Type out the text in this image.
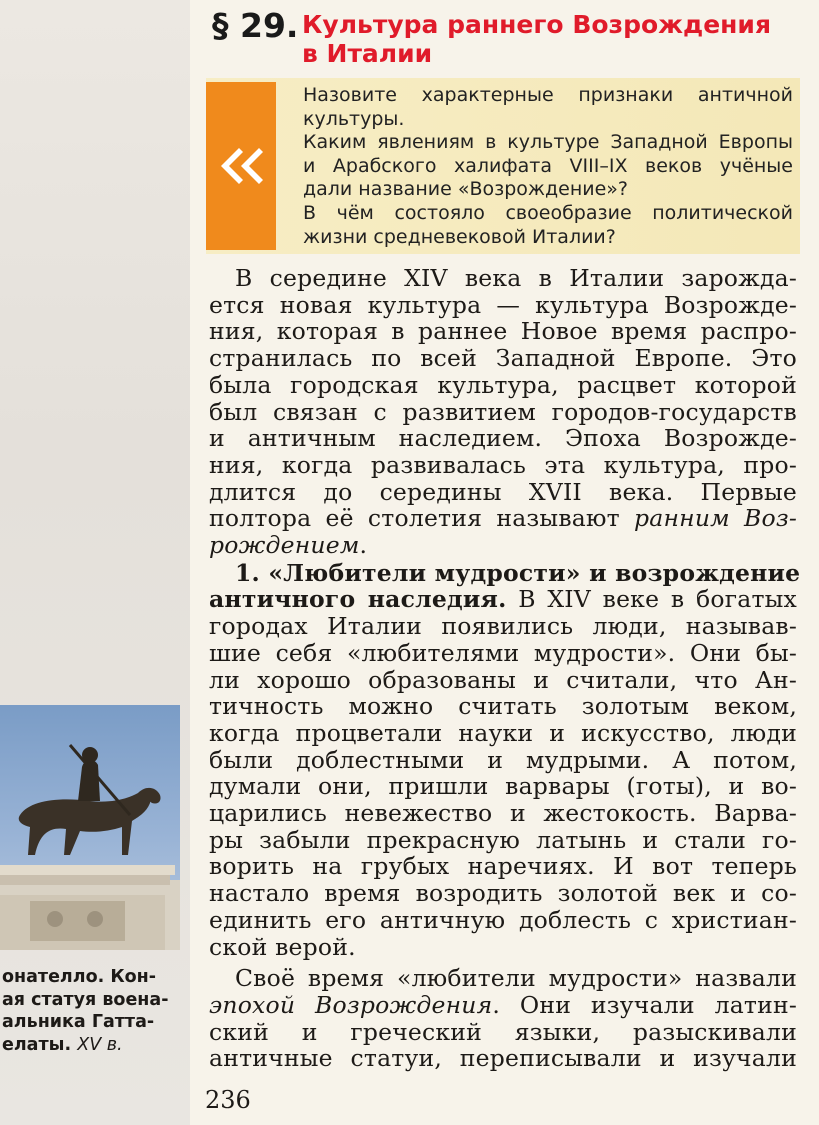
§ 29. Культура раннего Возрождения
в Италии
Назовите характерные признаки античной
культуры.
Каким явлениям в культуре Западной Европы
и Арабского халифата VIII–IX веков учёные
дали название «Возрождение»?
В чём состояло своеобразие политической
жизни средневековой Италии?
В середине XIV века в Италии зарожда-
ется новая культура — культура Возрожде-
ния, которая в раннее Новое время распро-
странилась по всей Западной Европе. Это
была городская культура, расцвет которой
был связан с развитием городов-государств
и античным наследием. Эпоха Возрожде-
ния, когда развивалась эта культура, про-
длится до середины XVII века. Первые
полтора её столетия называют ранним Воз-
рождением.
1. «Любители мудрости» и возрождение
античного наследия. В XIV веке в богатых
городах Италии появились люди, называв-
шие себя «любителями мудрости». Они бы-
ли хорошо образованы и считали, что Ан-
тичность можно считать золотым веком,
когда процветали науки и искусство, люди
были доблестными и мудрыми. А потом,
думали они, пришли варвары (готы), и во-
царились невежество и жестокость. Варва-
ры забыли прекрасную латынь и стали го-
ворить на грубых наречиях. И вот теперь
настало время возродить золотой век и со-
единить его античную доблесть с христиан-
ской верой.
Своё время «любители мудрости» назвали
эпохой Возрождения. Они изучали латин-
ский и греческий языки, разыскивали
античные статуи, переписывали и изучали
онателло. Кон-
ая статуя военa-
альника Гатта-
елаты. XV в.
236
